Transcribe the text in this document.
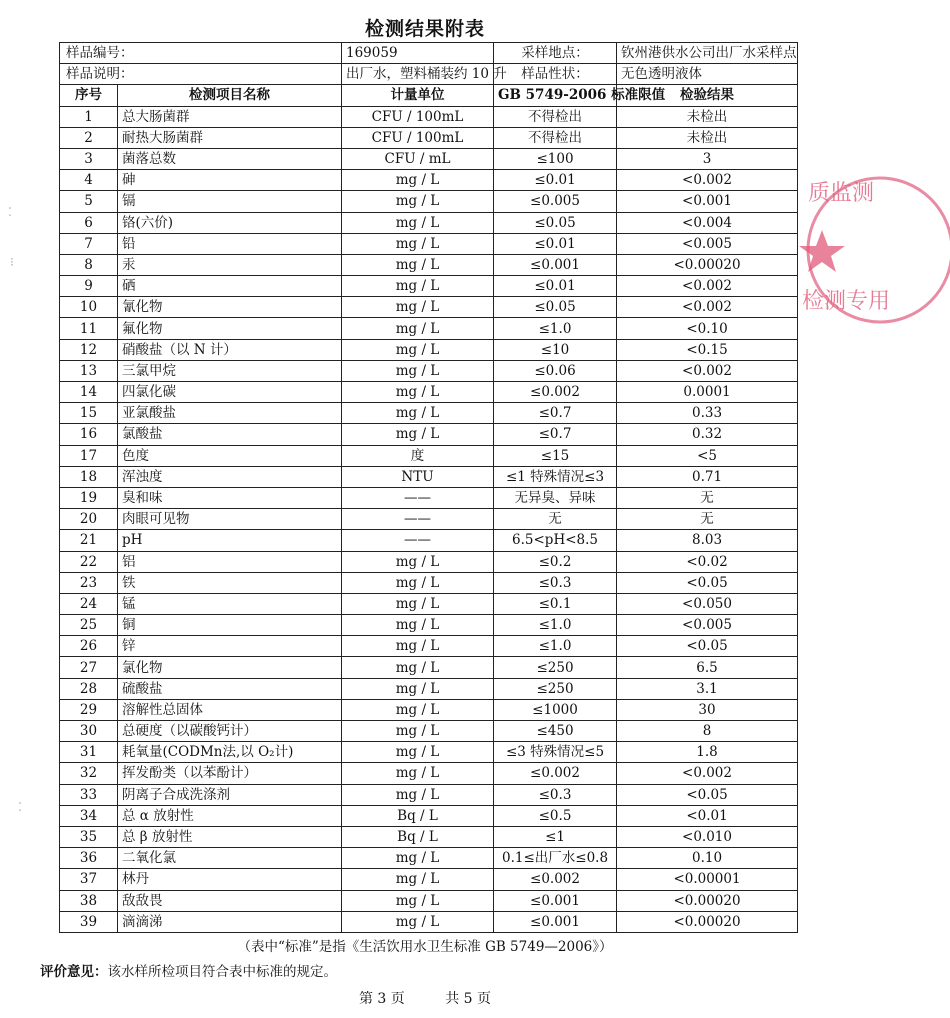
检测结果附表
样品编号：		169059	采样地点：	钦州港供水公司出厂水采样点
样品说明：		出厂水，塑料桶装约 10 升	样品性状：	无色透明液体
序号	检测项目名称	计量单位	GB 5749-2006 标准限值	检验结果
1	总大肠菌群	CFU / 100mL	不得检出	未检出
2	耐热大肠菌群	CFU / 100mL	不得检出	未检出
3	菌落总数	CFU / mL	≤100	3
4	砷	mg / L	≤0.01	<0.002
5	镉	mg / L	≤0.005	<0.001
6	铬(六价)	mg / L	≤0.05	<0.004
7	铅	mg / L	≤0.01	<0.005
8	汞	mg / L	≤0.001	<0.00020
9	硒	mg / L	≤0.01	<0.002
10	氰化物	mg / L	≤0.05	<0.002
11	氟化物	mg / L	≤1.0	<0.10
12	硝酸盐（以 N 计）	mg / L	≤10	<0.15
13	三氯甲烷	mg / L	≤0.06	<0.002
14	四氯化碳	mg / L	≤0.002	0.0001
15	亚氯酸盐	mg / L	≤0.7	0.33
16	氯酸盐	mg / L	≤0.7	0.32
17	色度	度	≤15	<5
18	浑浊度	NTU	≤1 特殊情况≤3	0.71
19	臭和味	——	无异臭、异味	无
20	肉眼可见物	——	无	无
21	pH	——	6.5<pH<8.5	8.03
22	铝	mg / L	≤0.2	<0.02
23	铁	mg / L	≤0.3	<0.05
24	锰	mg / L	≤0.1	<0.050
25	铜	mg / L	≤1.0	<0.005
26	锌	mg / L	≤1.0	<0.05
27	氯化物	mg / L	≤250	6.5
28	硫酸盐	mg / L	≤250	3.1
29	溶解性总固体	mg / L	≤1000	30
30	总硬度（以碳酸钙计）	mg / L	≤450	8
31	耗氧量(CODMn法,以 O₂计)	mg / L	≤3 特殊情况≤5	1.8
32	挥发酚类（以苯酚计）	mg / L	≤0.002	<0.002
33	阴离子合成洗涤剂	mg / L	≤0.3	<0.05
34	总 α 放射性	Bq / L	≤0.5	<0.01
35	总 β 放射性	Bq / L	≤1	<0.010
36	二氧化氯	mg / L	0.1≤出厂水≤0.8	0.10
37	林丹	mg / L	≤0.002	<0.00001
38	敌敌畏	mg / L	≤0.001	<0.00020
39	滴滴涕	mg / L	≤0.001	<0.00020
（表中“标准”是指《生活饮用水卫生标准 GB 5749—2006》）
评价意见：该水样所检项目符合表中标准的规定。
第 3 页	共 5 页
质监测
检测专用
⁚
⁝
⁚
